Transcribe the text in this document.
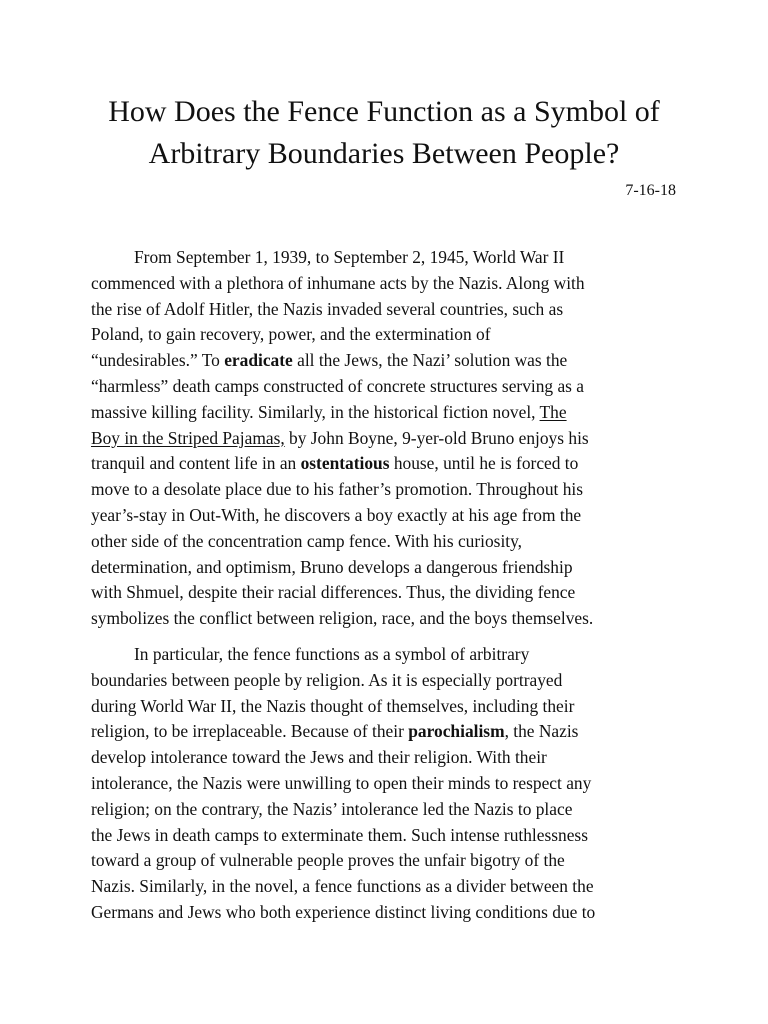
How Does the Fence Function as a Symbol of
Arbitrary Boundaries Between People?
7-16-18

From September 1, 1939, to September 2, 1945, World War II
commenced with a plethora of inhumane acts by the Nazis. Along with
the rise of Adolf Hitler, the Nazis invaded several countries, such as
Poland, to gain recovery, power, and the extermination of
“undesirables.” To eradicate all the Jews, the Nazi’ solution was the
“harmless” death camps constructed of concrete structures serving as a
massive killing facility. Similarly, in the historical fiction novel, The
Boy in the Striped Pajamas, by John Boyne, 9-yer-old Bruno enjoys his
tranquil and content life in an ostentatious house, until he is forced to
move to a desolate place due to his father’s promotion. Throughout his
year’s-stay in Out-With, he discovers a boy exactly at his age from the
other side of the concentration camp fence. With his curiosity,
determination, and optimism, Bruno develops a dangerous friendship
with Shmuel, despite their racial differences. Thus, the dividing fence
symbolizes the conflict between religion, race, and the boys themselves.

In particular, the fence functions as a symbol of arbitrary
boundaries between people by religion. As it is especially portrayed
during World War II, the Nazis thought of themselves, including their
religion, to be irreplaceable. Because of their parochialism, the Nazis
develop intolerance toward the Jews and their religion. With their
intolerance, the Nazis were unwilling to open their minds to respect any
religion; on the contrary, the Nazis’ intolerance led the Nazis to place
the Jews in death camps to exterminate them. Such intense ruthlessness
toward a group of vulnerable people proves the unfair bigotry of the
Nazis. Similarly, in the novel, a fence functions as a divider between the
Germans and Jews who both experience distinct living conditions due to
